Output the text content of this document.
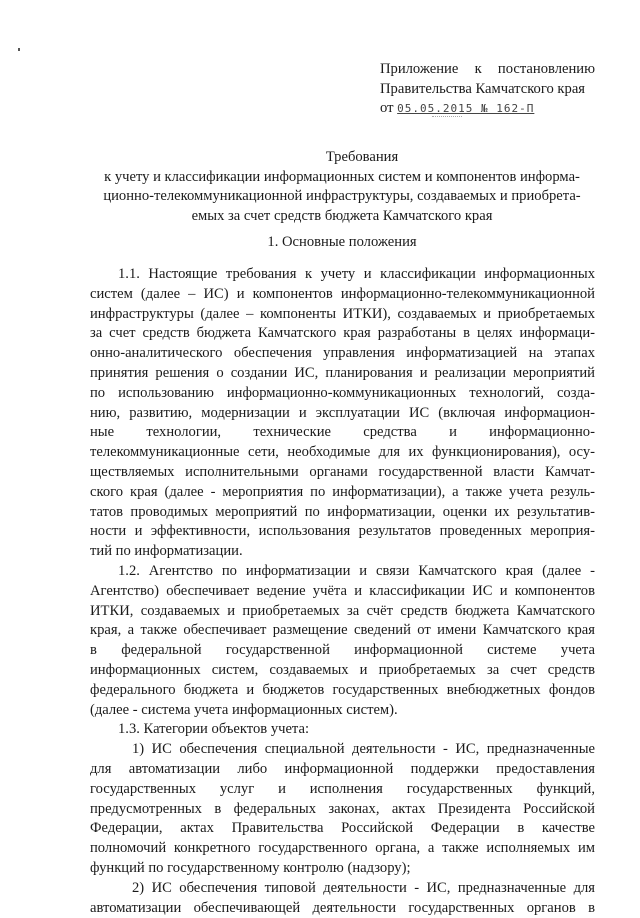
Приложение к постановлению
Правительства Камчатского края
от 05.05.2015 № 162-П
Требования
к учету и классификации информационных систем и компонентов информа-
ционно-телекоммуникационной инфраструктуры, создаваемых и приобрета-
емых за счет средств бюджета Камчатского края
1. Основные положения
1.1. Настоящие требования к учету и классификации информационных
систем (далее – ИС) и компонентов информационно-телекоммуникационной
инфраструктуры (далее – компоненты ИТКИ), создаваемых и приобретаемых
за счет средств бюджета Камчатского края разработаны в целях информаци-
онно-аналитического обеспечения управления информатизацией на этапах
принятия решения о создании ИС, планирования и реализации мероприятий
по использованию информационно-коммуникационных технологий, созда-
нию, развитию, модернизации и эксплуатации ИС (включая информацион-
ные технологии, технические средства и информационно-
телекоммуникационные сети, необходимые для их функционирования), осу-
ществляемых исполнительными органами государственной власти Камчат-
ского края (далее - мероприятия по информатизации), а также учета резуль-
татов проводимых мероприятий по информатизации, оценки их результатив-
ности и эффективности, использования результатов проведенных мероприя-
тий по информатизации.
1.2. Агентство по информатизации и связи Камчатского края (далее -
Агентство) обеспечивает ведение учёта и классификации ИС и компонентов
ИТКИ, создаваемых и приобретаемых за счёт средств бюджета Камчатского
края, а также обеспечивает размещение сведений от имени Камчатского края
в федеральной государственной информационной системе учета
информационных систем, создаваемых и приобретаемых за счет средств
федерального бюджета и бюджетов государственных внебюджетных фондов
(далее - система учета информационных систем).
1.3. Категории объектов учета:
1) ИС обеспечения специальной деятельности - ИС, предназначенные
для автоматизации либо информационной поддержки предоставления
государственных услуг и исполнения государственных функций,
предусмотренных в федеральных законах, актах Президента Российской
Федерации, актах Правительства Российской Федерации в качестве
полномочий конкретного государственного органа, а также исполняемых им
функций по государственному контролю (надзору);
2) ИС обеспечения типовой деятельности - ИС, предназначенные для
автоматизации обеспечивающей деятельности государственных органов в
